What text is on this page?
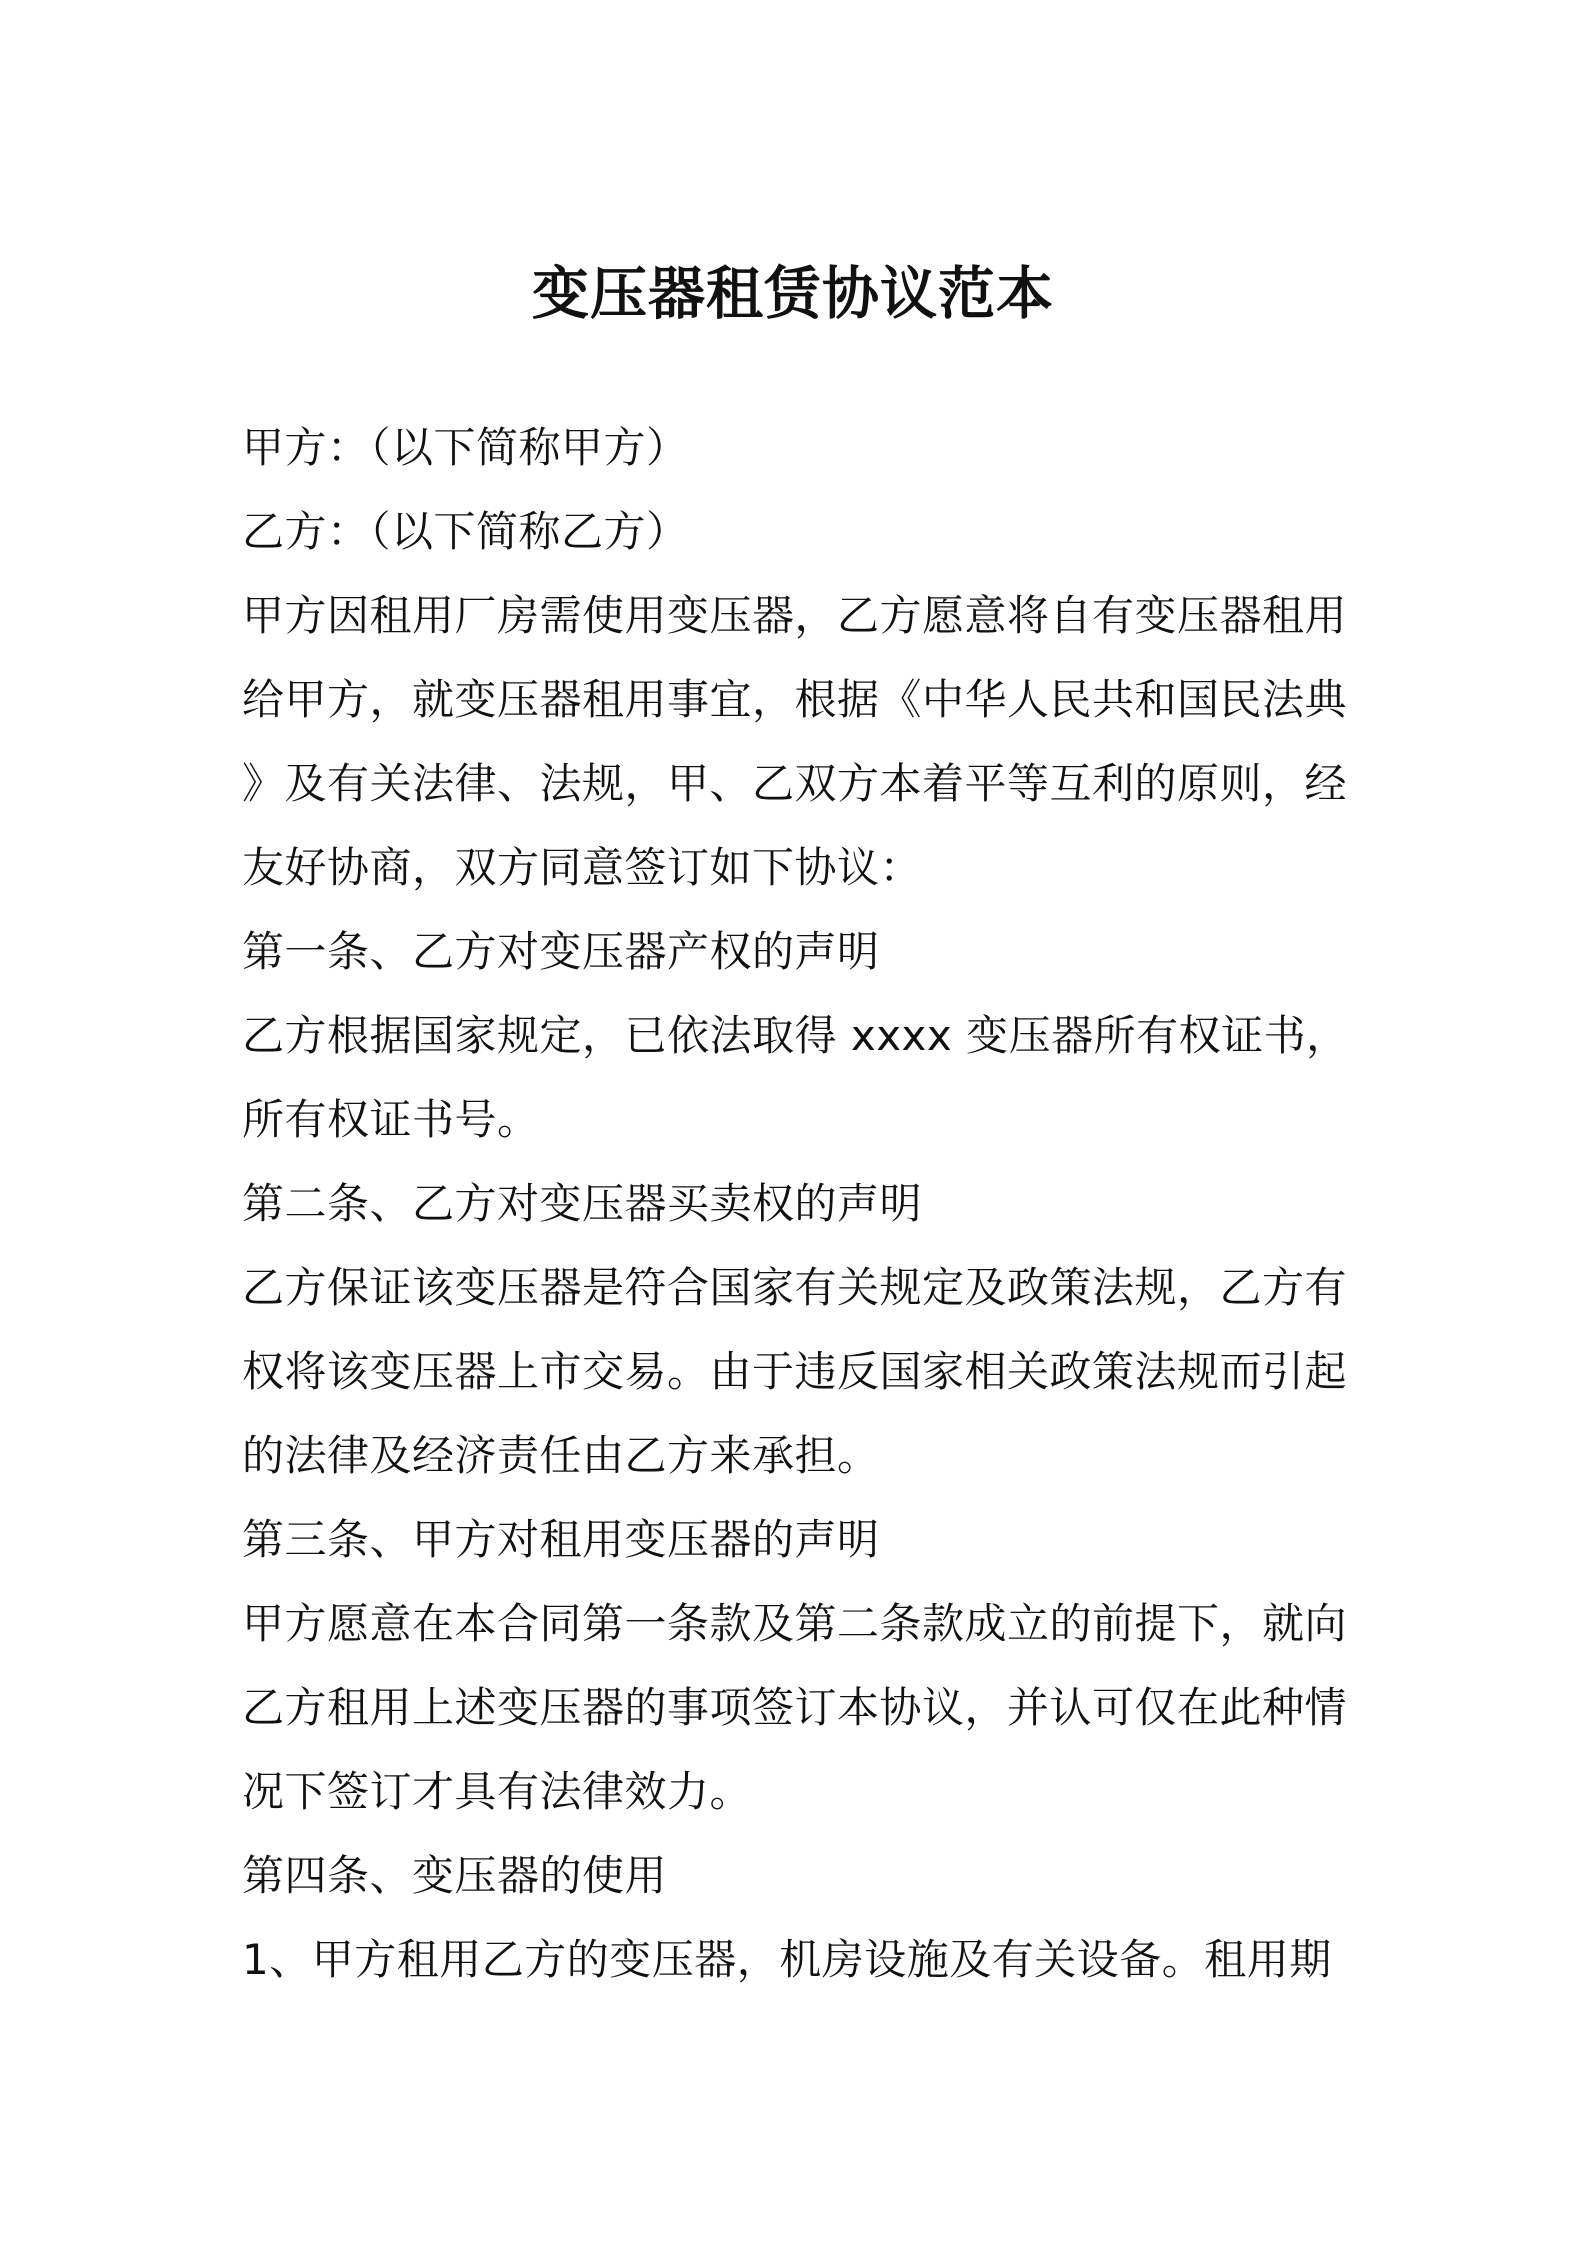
变压器租赁协议范本
甲方：（以下简称甲方）
乙方：（以下简称乙方）
甲方因租用厂房需使用变压器，乙方愿意将自有变压器租用
给甲方，就变压器租用事宜，根据《中华人民共和国民法典
》及有关法律、法规，甲、乙双方本着平等互利的原则，经
友好协商，双方同意签订如下协议：
第一条、乙方对变压器产权的声明
乙方根据国家规定，已依法取得 xxxx 变压器所有权证书，
所有权证书号。
第二条、乙方对变压器买卖权的声明
乙方保证该变压器是符合国家有关规定及政策法规，乙方有
权将该变压器上市交易。由于违反国家相关政策法规而引起
的法律及经济责任由乙方来承担。
第三条、甲方对租用变压器的声明
甲方愿意在本合同第一条款及第二条款成立的前提下，就向
乙方租用上述变压器的事项签订本协议，并认可仅在此种情
况下签订才具有法律效力。
第四条、变压器的使用
1、甲方租用乙方的变压器，机房设施及有关设备。租用期
